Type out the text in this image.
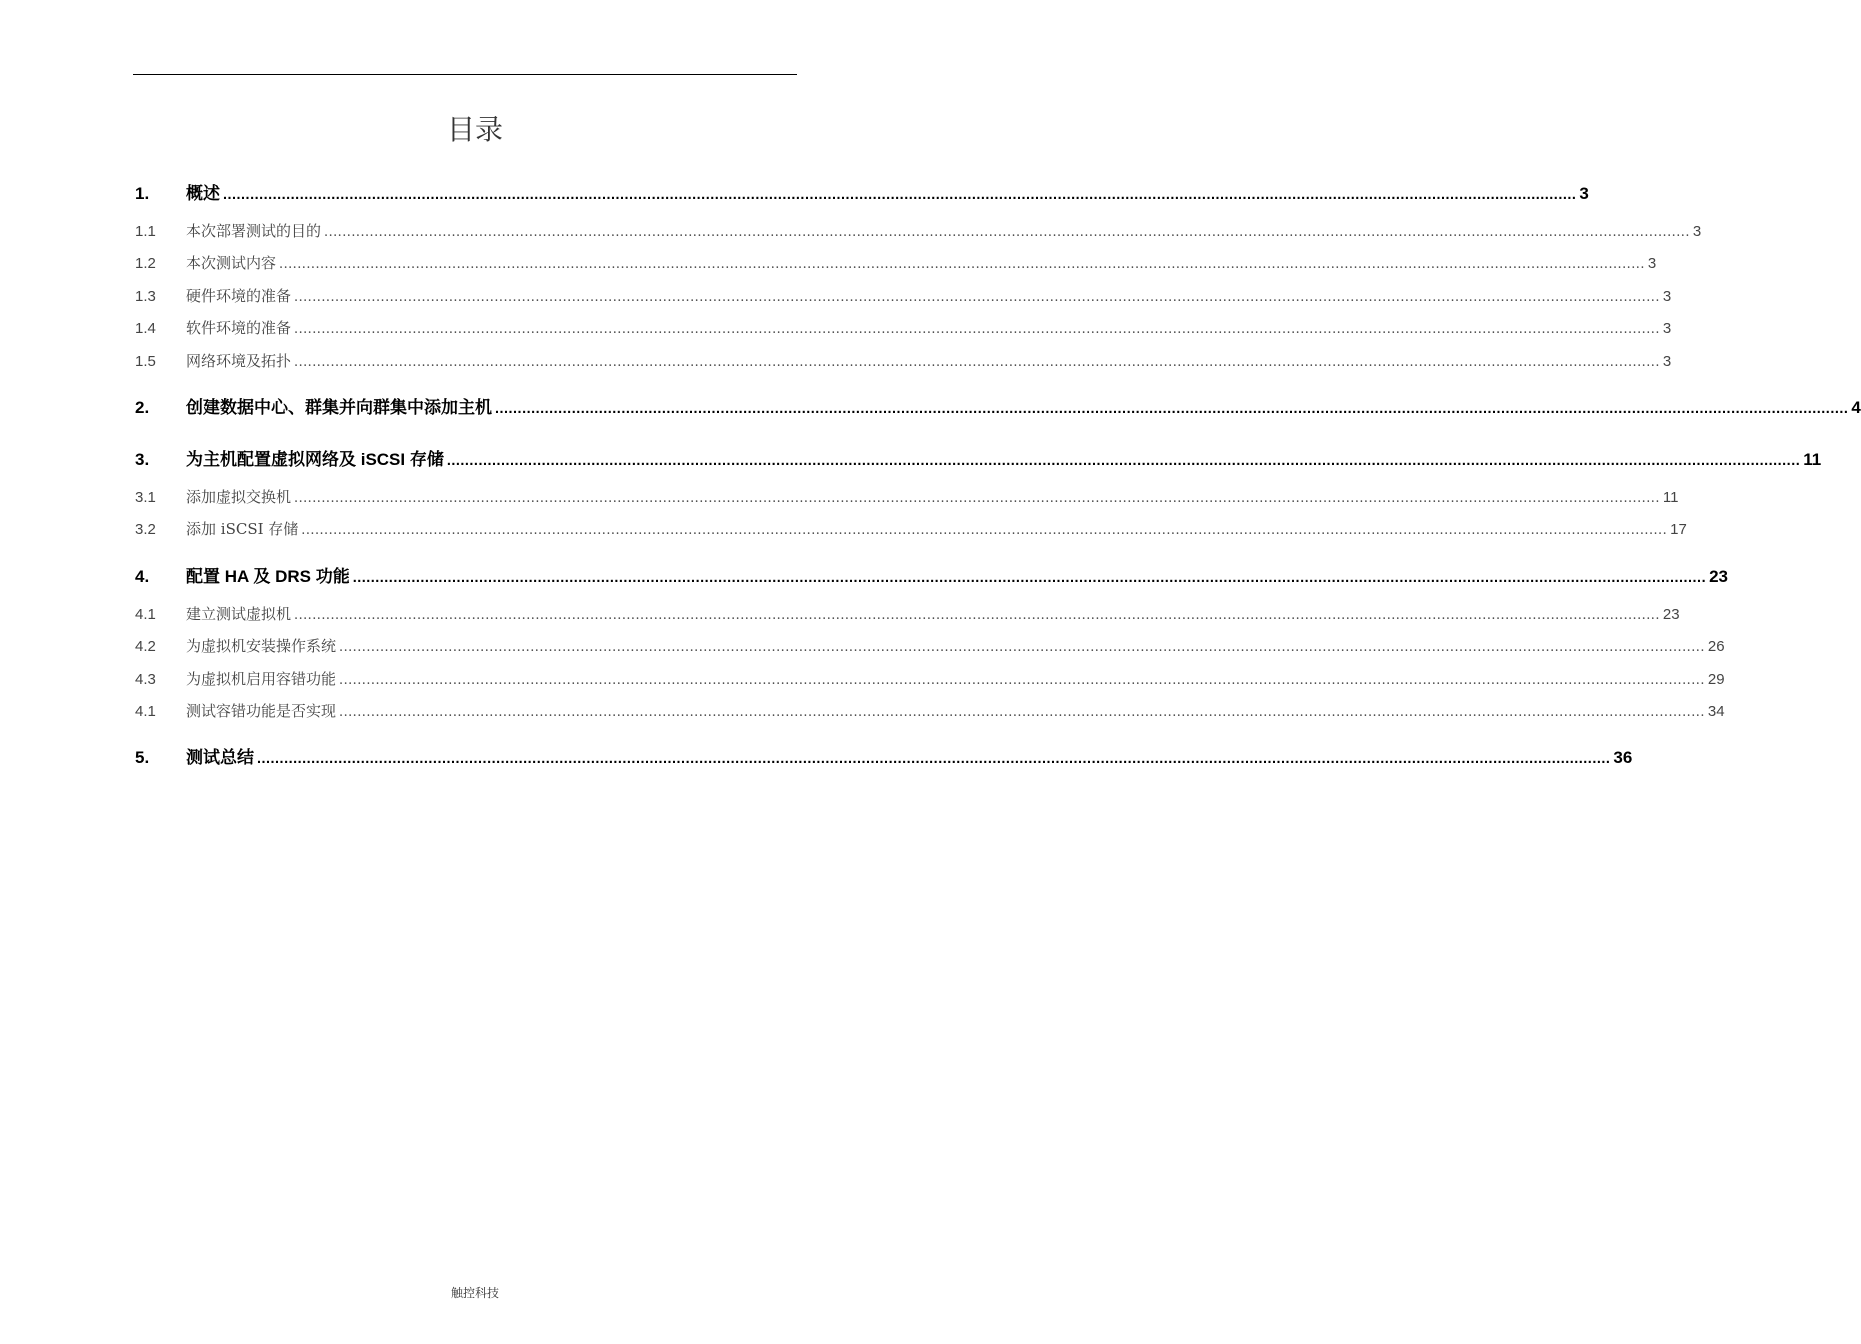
目录
1.	概述 ............................................................................................................................................................................................................................................................................................................ 3
1.1	本次部署测试的目的 ............................................................................................................................................................................................................................................................................................................ 3
1.2	本次测试内容 ............................................................................................................................................................................................................................................................................................................ 3
1.3	硬件环境的准备 ............................................................................................................................................................................................................................................................................................................ 3
1.4	软件环境的准备 ............................................................................................................................................................................................................................................................................................................ 3
1.5	网络环境及拓扑 ............................................................................................................................................................................................................................................................................................................ 3
2.	创建数据中心、群集并向群集中添加主机 ............................................................................................................................................................................................................................................................................................................ 4
3.	为主机配置虚拟网络及 iSCSI 存储 ............................................................................................................................................................................................................................................................................................................ 11
3.1	添加虚拟交换机 ............................................................................................................................................................................................................................................................................................................ 11
3.2	添加 iSCSI 存储 ............................................................................................................................................................................................................................................................................................................ 17
4.	配置 HA 及 DRS 功能 ............................................................................................................................................................................................................................................................................................................ 23
4.1	建立测试虚拟机 ............................................................................................................................................................................................................................................................................................................ 23
4.2	为虚拟机安装操作系统 ............................................................................................................................................................................................................................................................................................................ 26
4.3	为虚拟机启用容错功能 ............................................................................................................................................................................................................................................................................................................ 29
4.1	测试容错功能是否实现 ............................................................................................................................................................................................................................................................................................................ 34
5.	测试总结 ............................................................................................................................................................................................................................................................................................................ 36
触控科技
